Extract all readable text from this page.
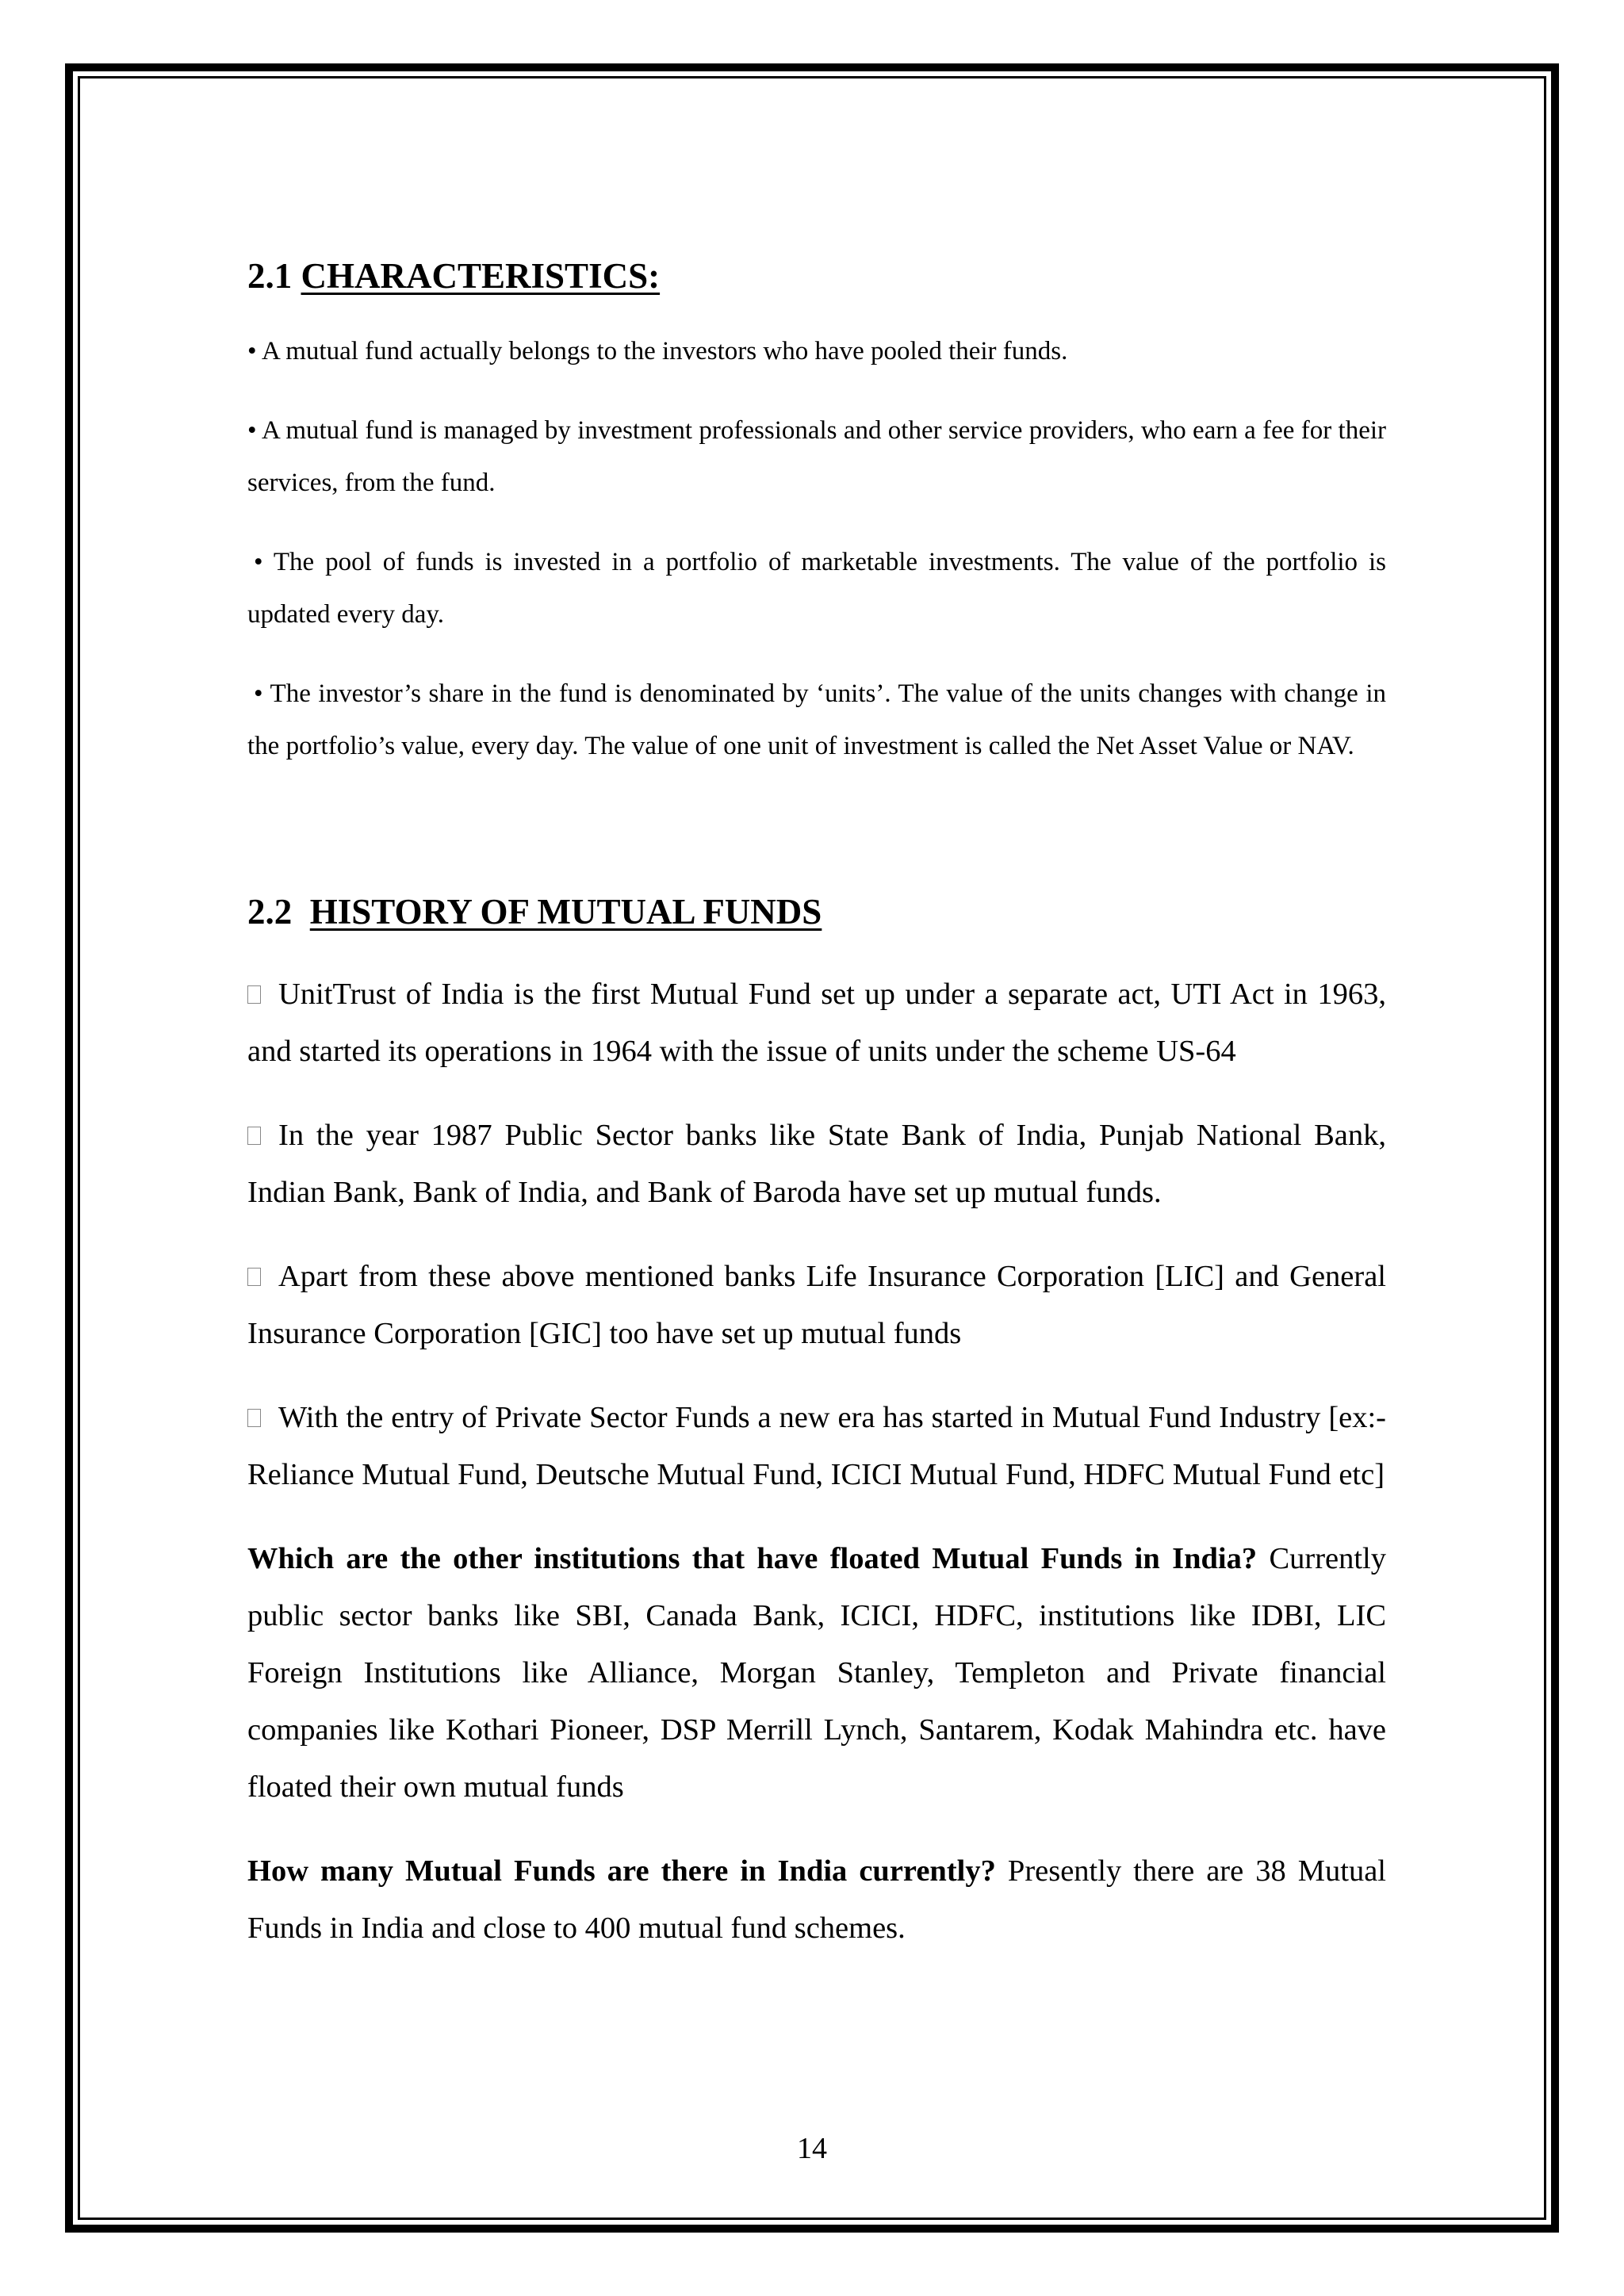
2.1 CHARACTERISTICS:

• A mutual fund actually belongs to the investors who have pooled their funds.

• A mutual fund is managed by investment professionals and other service providers, who earn a fee for their services, from the fund.

• The pool of funds is invested in a portfolio of marketable investments. The value of the portfolio is updated every day.

• The investor’s share in the fund is denominated by ‘units’. The value of the units changes with change in the portfolio’s value, every day. The value of one unit of investment is called the Net Asset Value or NAV.

2.2 HISTORY OF MUTUAL FUNDS

UnitTrust of India is the first Mutual Fund set up under a separate act, UTI Act in 1963, and started its operations in 1964 with the issue of units under the scheme US-64

In the year 1987 Public Sector banks like State Bank of India, Punjab National Bank, Indian Bank, Bank of India, and Bank of Baroda have set up mutual funds.

Apart from these above mentioned banks Life Insurance Corporation [LIC] and General Insurance Corporation [GIC] too have set up mutual funds

With the entry of Private Sector Funds a new era has started in Mutual Fund Industry [ex:- Reliance Mutual Fund, Deutsche Mutual Fund, ICICI Mutual Fund, HDFC Mutual Fund etc]

Which are the other institutions that have floated Mutual Funds in India? Currently public sector banks like SBI, Canada Bank, ICICI, HDFC, institutions like IDBI, LIC Foreign Institutions like Alliance, Morgan Stanley, Templeton and Private financial companies like Kothari Pioneer, DSP Merrill Lynch, Santarem, Kodak Mahindra etc. have floated their own mutual funds

How many Mutual Funds are there in India currently? Presently there are 38 Mutual Funds in India and close to 400 mutual fund schemes.

14
